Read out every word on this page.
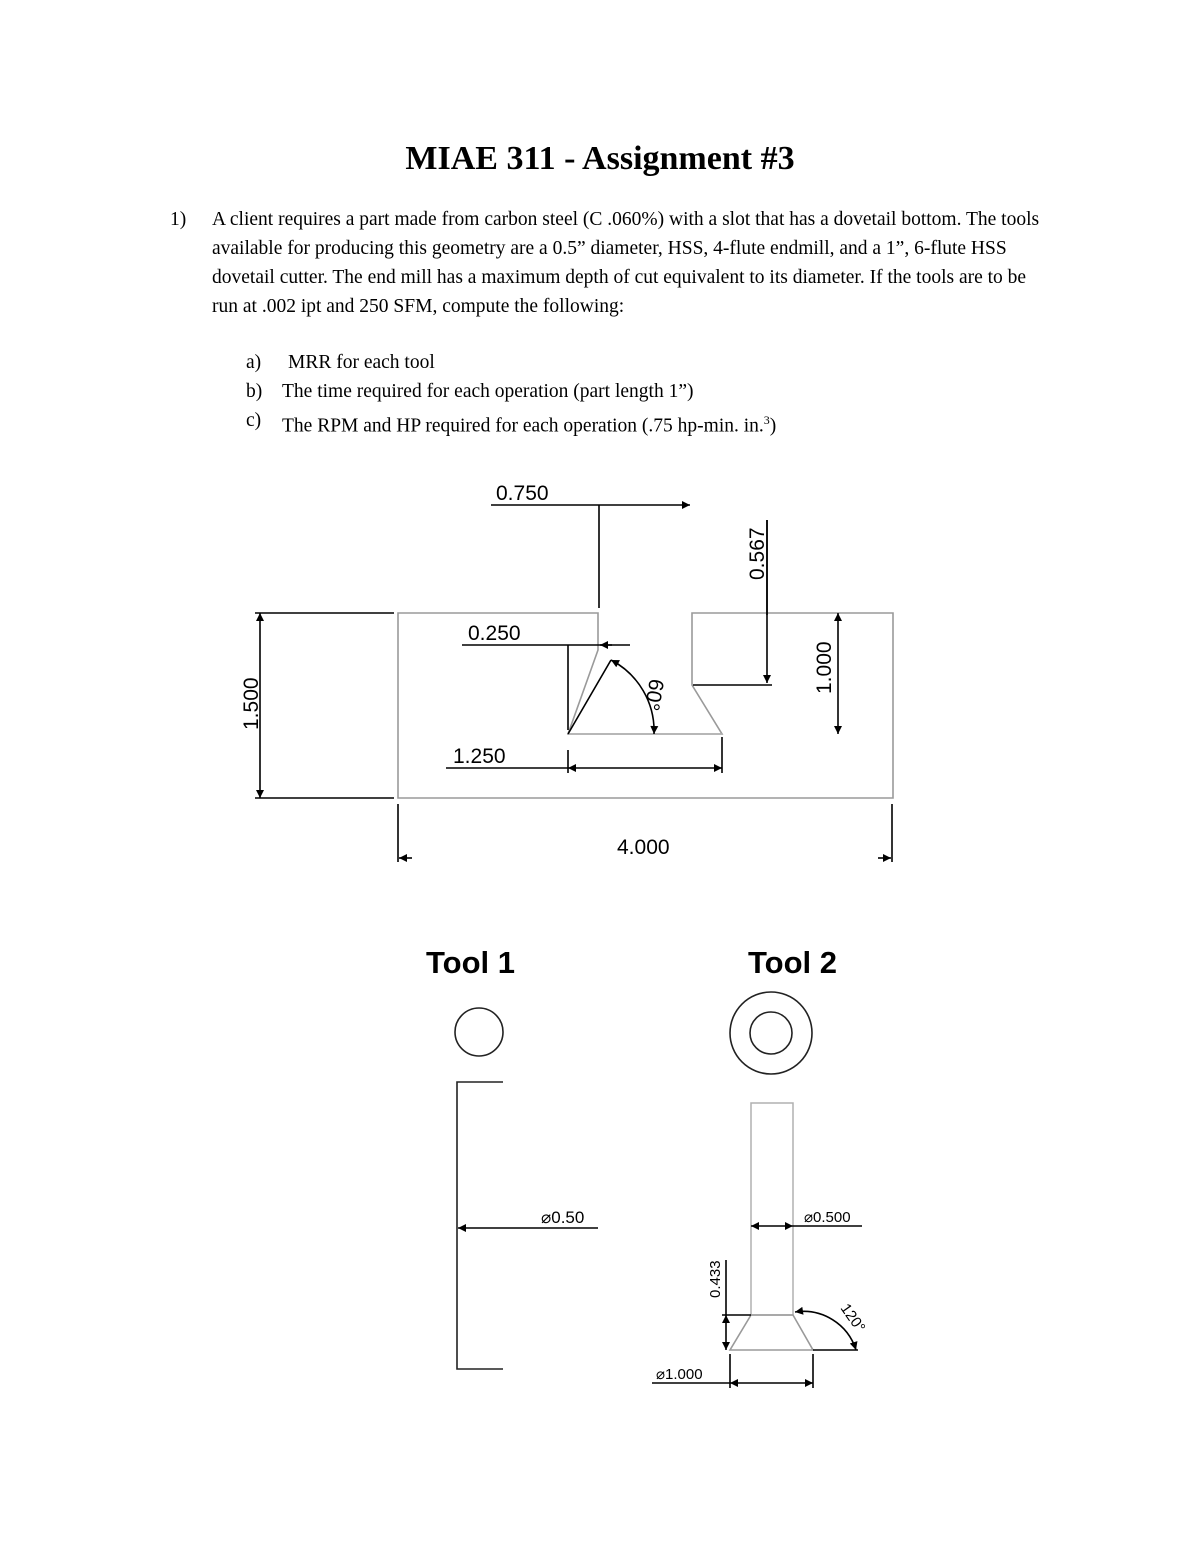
MIAE 311 - Assignment #3
1) A client requires a part made from carbon steel (C .060%) with a slot that has a dovetail bottom. The tools available for producing this geometry are a 0.5” diameter, HSS, 4-flute endmill, and a 1”, 6-flute HSS dovetail cutter. The end mill has a maximum depth of cut equivalent to its diameter. If the tools are to be run at .002 ipt and 250 SFM, compute the following:
a) MRR for each tool
b) The time required for each operation (part length 1”)
c) The RPM and HP required for each operation (.75 hp-min. in.$^3$)
0.750
0.567
0.250
60°
1.250
1.500
1.000
4.000
Tool 1
⌀0.50
Tool 2
⌀0.500
0.433
120°
⌀1.000
